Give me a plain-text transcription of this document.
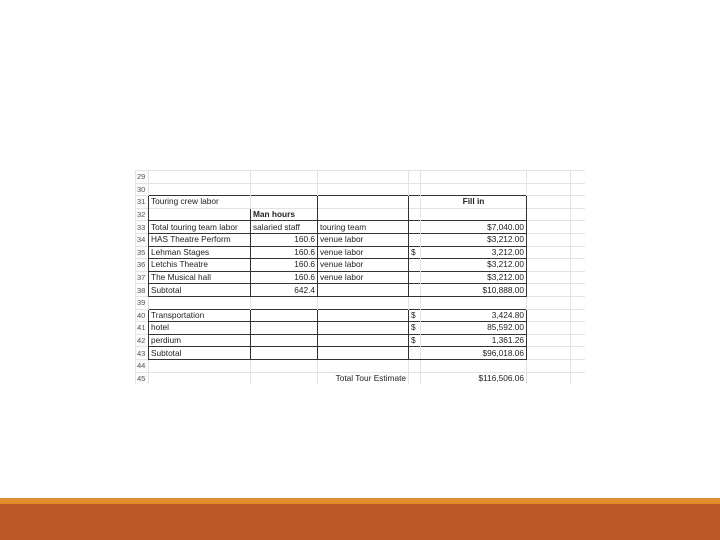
29							
30							
31	Touring crew labor				Fill in		
32		Man hours					
33	Total touring team labor	salaried staff	touring team		$7,040.00		
34	HAS Theatre Perform	160.6	venue labor		$3,212.00		
35	Lehman Stages	160.6	venue labor	$	3,212.00		
36	Letchis Theatre	160.6	venue labor		$3,212.00		
37	The Musical hall	160.6	venue labor		$3,212.00		
38	Subtotal	642.4			$10,888.00		
39							
40	Transportation			$	3,424.80		
41	hotel			$	85,592.00		
42	perdium			$	1,361.26		
43	Subtotal				$96,018.06		
44							
45			Total Tour Estimate		$116,506.06		
